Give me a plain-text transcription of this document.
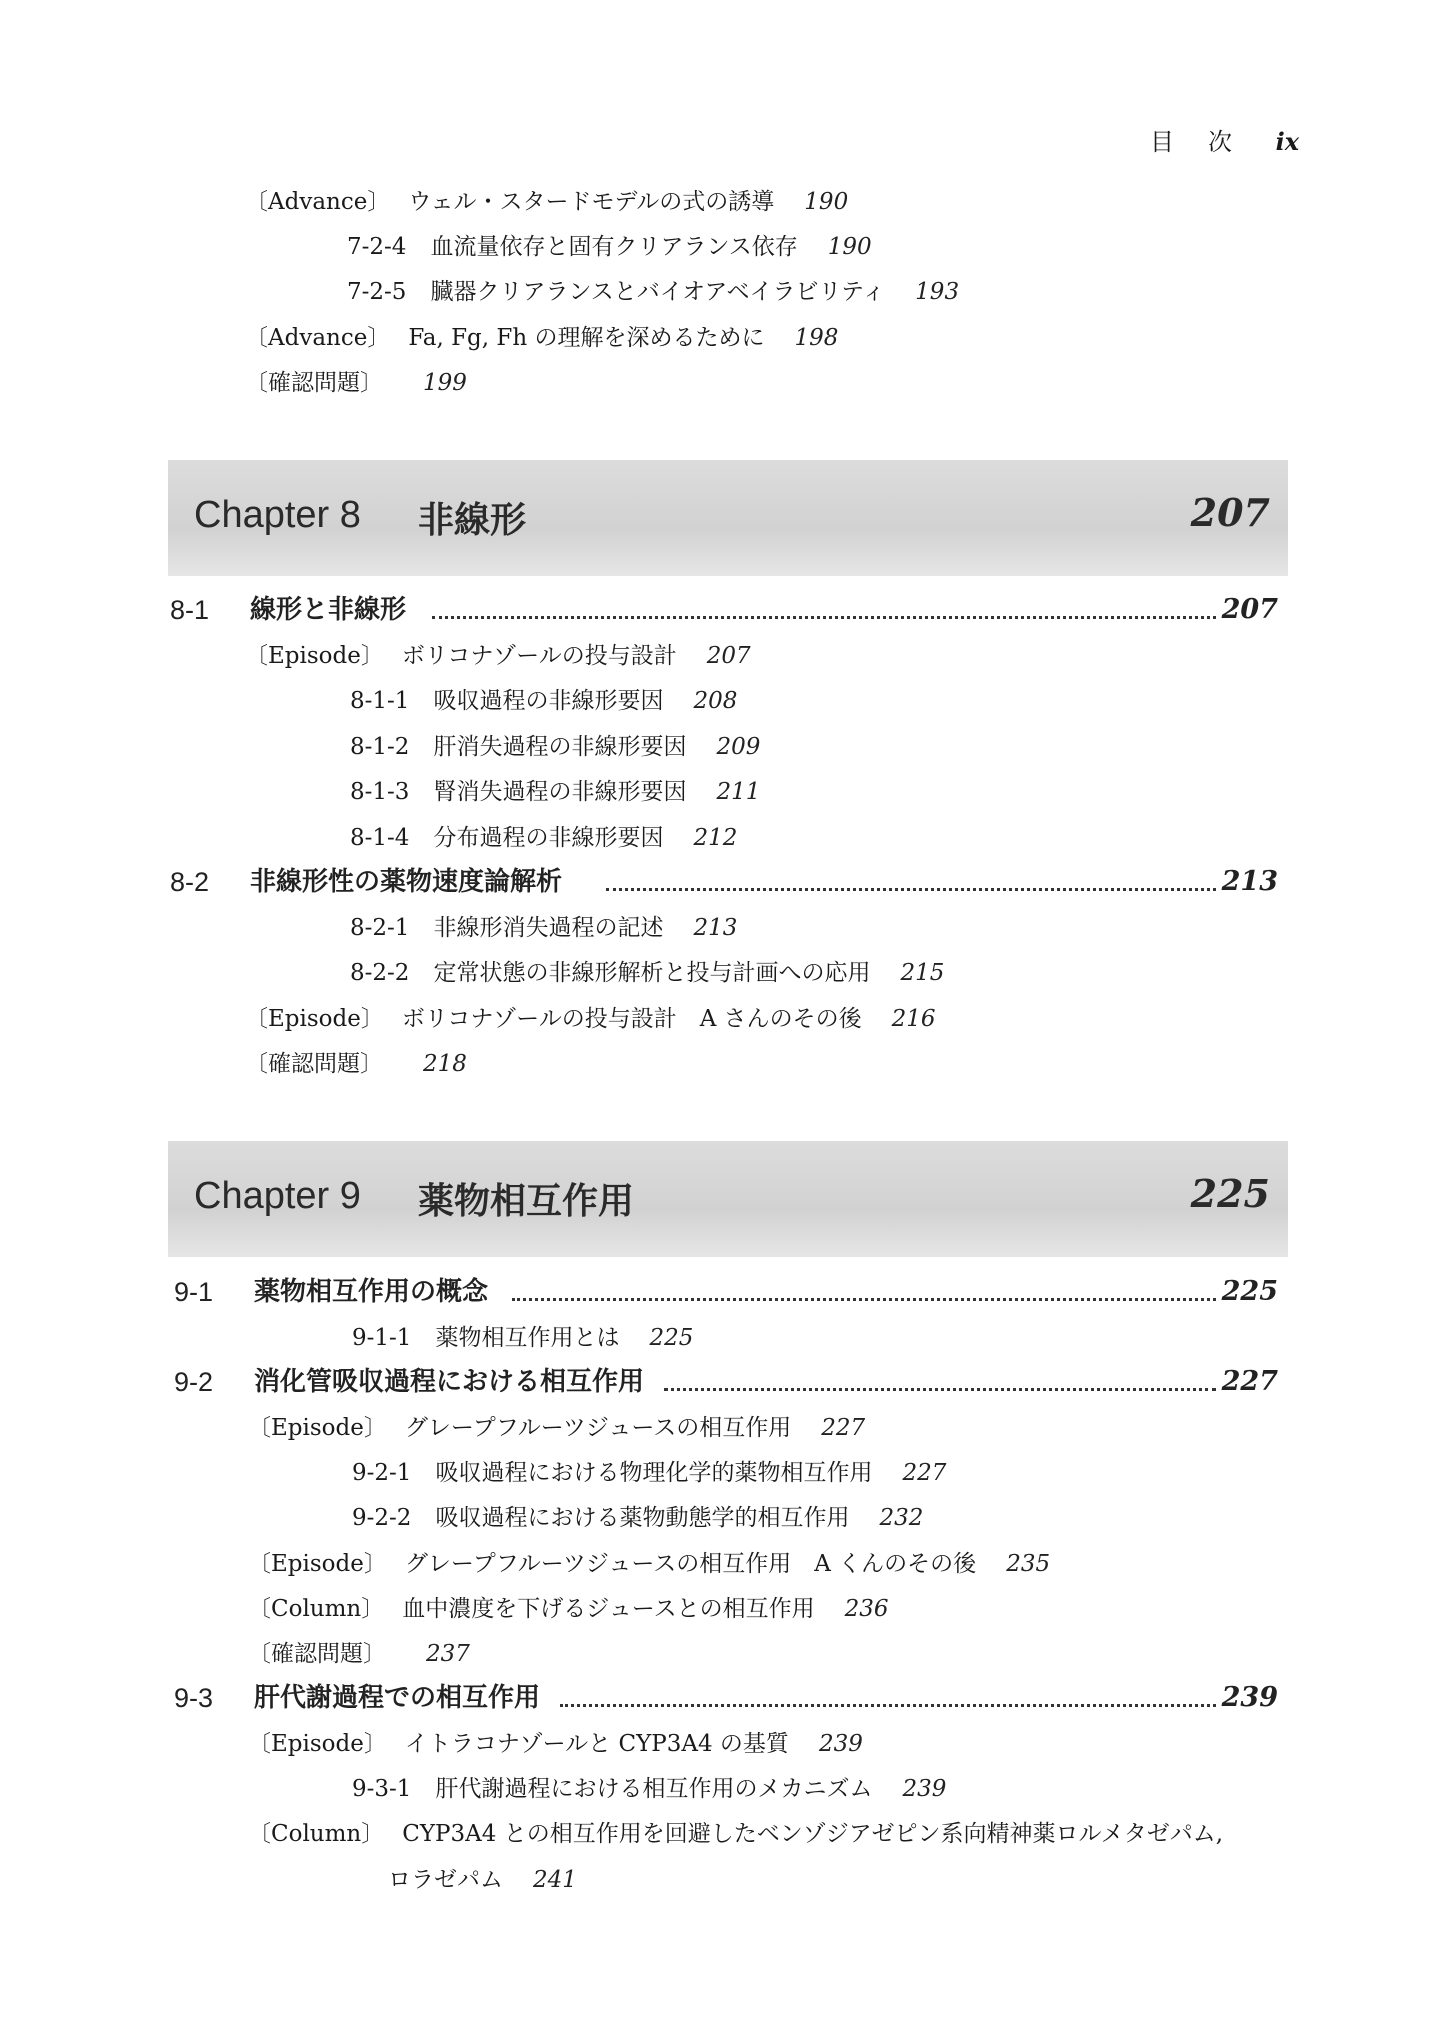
目次 ix
〔Advance〕 ウェル・スタードモデルの式の誘導 190
7-2-4 血流量依存と固有クリアランス依存 190
7-2-5 臓器クリアランスとバイオアベイラビリティ 193
〔Advance〕 Fa, Fg, Fh の理解を深めるために 198
〔確認問題〕 199
Chapter 8 非線形	207
8-1 線形と非線形	207
〔Episode〕 ボリコナゾールの投与設計 207
8-1-1 吸収過程の非線形要因 208
8-1-2 肝消失過程の非線形要因 209
8-1-3 腎消失過程の非線形要因 211
8-1-4 分布過程の非線形要因 212
8-2 非線形性の薬物速度論解析	213
8-2-1 非線形消失過程の記述 213
8-2-2 定常状態の非線形解析と投与計画への応用 215
〔Episode〕 ボリコナゾールの投与設計　A さんのその後 216
〔確認問題〕 218
Chapter 9 薬物相互作用	225
9-1 薬物相互作用の概念	225
9-1-1 薬物相互作用とは 225
9-2 消化管吸収過程における相互作用	227
〔Episode〕 グレープフルーツジュースの相互作用 227
9-2-1 吸収過程における物理化学的薬物相互作用 227
9-2-2 吸収過程における薬物動態学的相互作用 232
〔Episode〕 グレープフルーツジュースの相互作用　A くんのその後 235
〔Column〕 血中濃度を下げるジュースとの相互作用 236
〔確認問題〕 237
9-3 肝代謝過程での相互作用	239
〔Episode〕 イトラコナゾールと CYP3A4 の基質 239
9-3-1 肝代謝過程における相互作用のメカニズム 239
〔Column〕 CYP3A4 との相互作用を回避したベンゾジアゼピン系向精神薬ロルメタゼパム,
ロラゼパム 241
